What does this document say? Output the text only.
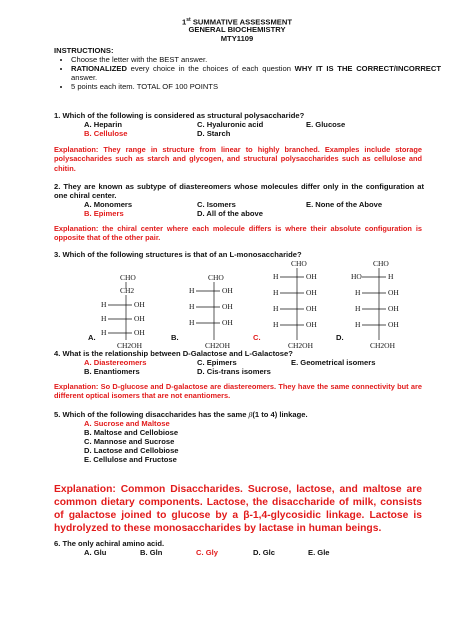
1st SUMMATIVE ASSESSMENT
GENERAL BIOCHEMISTRY
MTY1109
INSTRUCTIONS:
• Choose the letter with the BEST answer.
• RATIONALIZED every choice in the choices of each question WHY IT IS THE CORRECT/INCORRECT answer.
• 5 points each item. TOTAL OF 100 POINTS
1. Which of the following is considered as structural polysaccharide?
A. Heparin	C. Hyaluronic acid	E. Glucose
B. Cellulose	D. Starch
Explanation: They range in structure from linear to highly branched. Examples include storage polysaccharides such as starch and glycogen, and structural polysaccharides such as cellulose and chitin.
2. They are known as subtype of diastereomers whose molecules differ only in the configuration at one chiral center.
A. Monomers	C. Isomers	E. None of the Above
B. Epimers	D. All of the above
Explanation: the chiral center where each molecule differs is where their absolute configuration is opposite that of the other pair.
3. Which of the following structures is that of an L-monosaccharide?
CHO
CH2
H	OH
H	OH
H	OH
CH2OH
A.
CHO
H	OH
H	OH
H	OH
CH2OH
B.
CHO
H	OH
H	OH
H	OH
H	OH
CH2OH
C.
CHO
HO	H
H	OH
H	OH
H	OH
CH2OH
D.
4. What is the relationship between D-Galactose and L-Galactose?
A. Diastereomers	C. Epimers	E. Geometrical isomers
B. Enantiomers	D. Cis-trans isomers
Explanation: So D-glucose and D-galactose are diastereomers. They have the same connectivity but are different optical isomers that are not enantiomers.
5. Which of the following disaccharides has the same β(1 to 4) linkage.
A. Sucrose and Maltose
B. Maltose and Cellobiose
C. Mannose and Sucrose
D. Lactose and Cellobiose
E. Cellulose and Fructose
Explanation: Common Disaccharides. Sucrose, lactose, and maltose are common dietary components. Lactose, the disaccharide of milk, consists of galactose joined to glucose by a β-1,4-glycosidic linkage. Lactose is hydrolyzed to these monosaccharides by lactase in human beings.
6. The only achiral amino acid.
A. Glu	B. Gln	C. Gly	D. Glc	E. Gle
